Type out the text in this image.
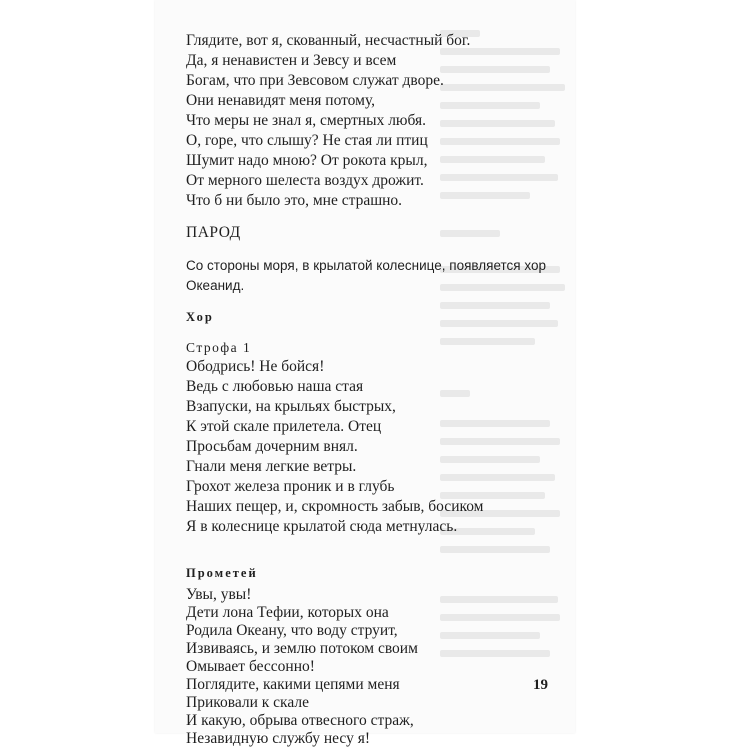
Глядите, вот я, скованный, несчастный бог.
Да, я ненавистен и Зевсу и всем
Богам, что при Зевсовом служат дворе.
Они ненавидят меня потому,
Что меры не знал я, смертных любя.
О, горе, что слышу? Не стая ли птиц
Шумит надо мною? От рокота крыл,
От мерного шелеста воздух дрожит.
Что б ни было это, мне страшно.
ПАРОД
Со стороны моря, в крылатой колеснице, появляется хор Океанид.
Хор
Строфа 1
Ободрись! Не бойся!
Ведь с любовью наша стая
Взапуски, на крыльях быстрых,
К этой скале прилетела. Отец
Просьбам дочерним внял.
Гнали меня легкие ветры.
Грохот железа проник и в глубь
Наших пещер, и, скромность забыв, босиком
Я в колеснице крылатой сюда метнулась.
Прометей
Увы, увы!
Дети лона Тефии, которых она
Родила Океану, что воду струит,
Извиваясь, и землю потоком своим
Омывает бессонно!
Поглядите, какими цепями меня
Приковали к скале
И какую, обрыва отвесного страж,
Незавидную службу несу я!
19
